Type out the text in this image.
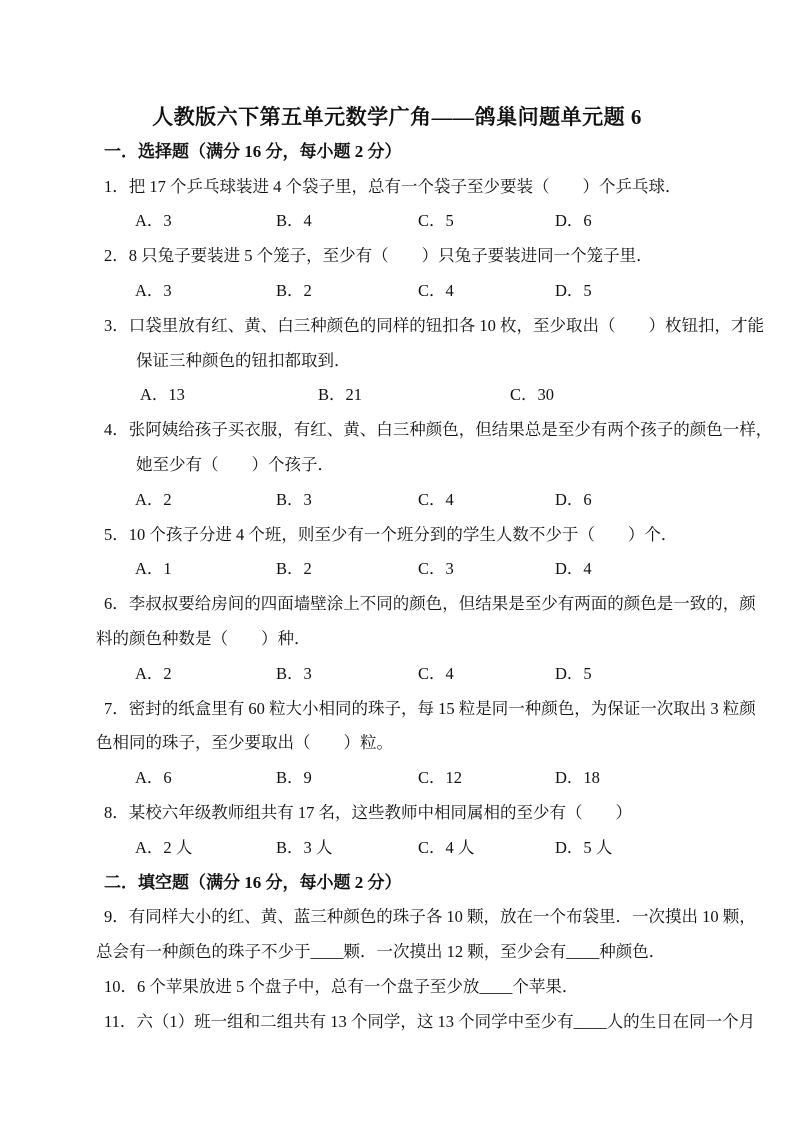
人教版六下第五单元数学广角——鸽巢问题单元题 6
一．选择题（满分 16 分，每小题 2 分）
1．把 17 个乒乓球装进 4 个袋子里，总有一个袋子至少要装（　　）个乒乓球．
A．3	B．4	C．5	D．6
2．8 只兔子要装进 5 个笼子，至少有（　　）只兔子要装进同一个笼子里．
A．3	B．2	C．4	D．5
3．口袋里放有红、黄、白三种颜色的同样的钮扣各 10 枚，至少取出（　　）枚钮扣，才能
保证三种颜色的钮扣都取到．
A．13	B．21	C．30
4．张阿姨给孩子买衣服，有红、黄、白三种颜色，但结果总是至少有两个孩子的颜色一样，
她至少有（　　）个孩子．
A．2	B．3	C．4	D．6
5．10 个孩子分进 4 个班，则至少有一个班分到的学生人数不少于（　　）个．
A．1	B．2	C．3	D．4
6．李叔叔要给房间的四面墙壁涂上不同的颜色，但结果是至少有两面的颜色是一致的，颜
料的颜色种数是（　　）种．
A．2	B．3	C．4	D．5
7．密封的纸盒里有 60 粒大小相同的珠子，每 15 粒是同一种颜色，为保证一次取出 3 粒颜
色相同的珠子，至少要取出（　　）粒。
A．6	B．9	C．12	D．18
8．某校六年级教师组共有 17 名，这些教师中相同属相的至少有（　　）
A．2 人	B．3 人	C．4 人	D．5 人
二．填空题（满分 16 分，每小题 2 分）
9．有同样大小的红、黄、蓝三种颜色的珠子各 10 颗，放在一个布袋里．一次摸出 10 颗，
总会有一种颜色的珠子不少于____颗．一次摸出 12 颗，至少会有____种颜色．
10．6 个苹果放进 5 个盘子中，总有一个盘子至少放____个苹果．
11．六（1）班一组和二组共有 13 个同学，这 13 个同学中至少有____人的生日在同一个月
